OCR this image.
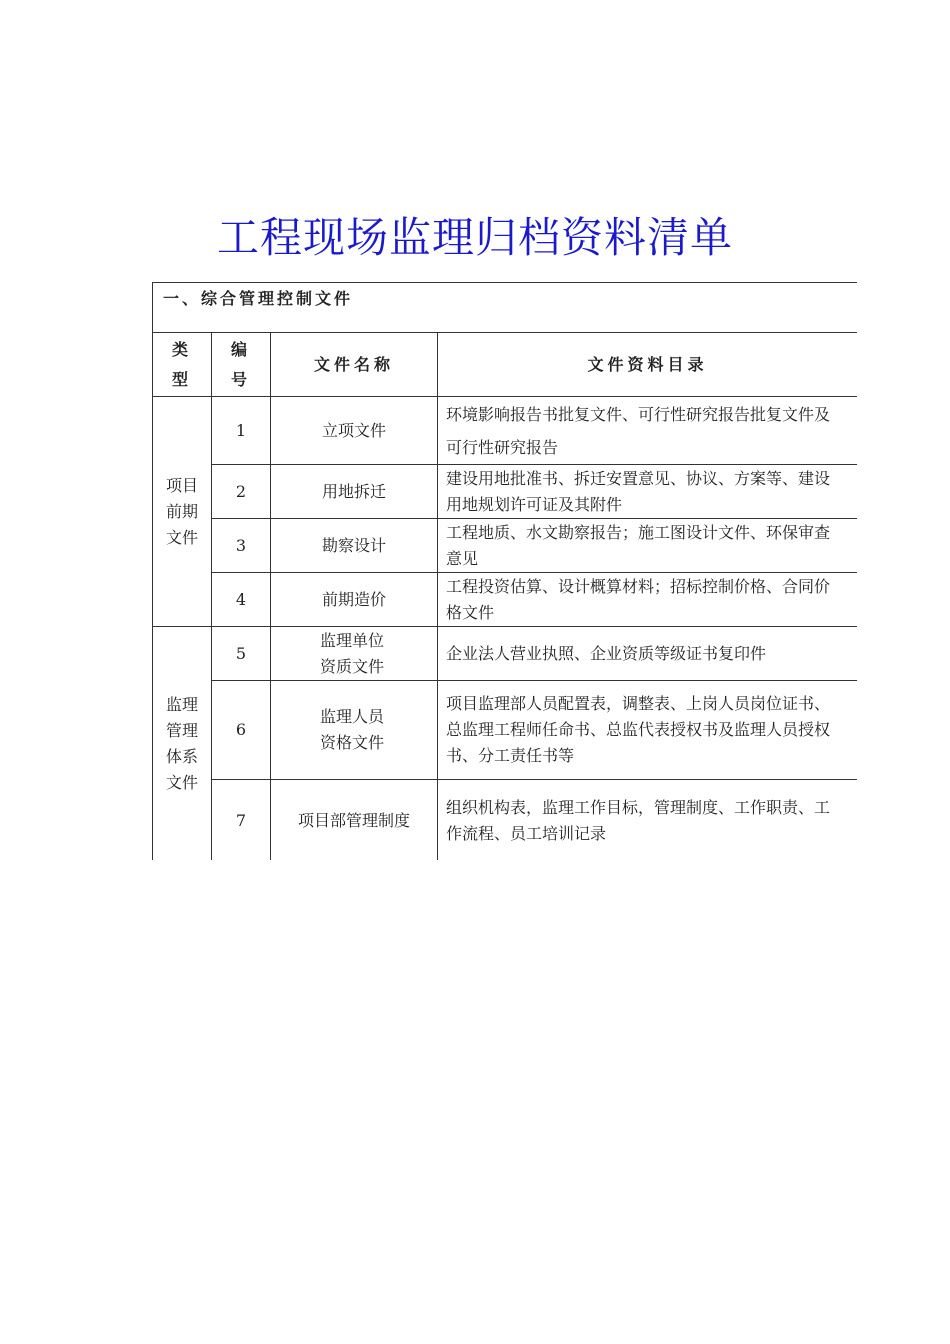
工程现场监理归档资料清单
一、综合管理控制文件			
类型	编号	文件名称	文件资料目录
项目前期文件	1	立项文件	环境影响报告书批复文件、可行性研究报告批复文件及可行性研究报告
	2	用地拆迁	建设用地批准书、拆迁安置意见、协议、方案等、建设用地规划许可证及其附件
	3	勘察设计	工程地质、水文勘察报告；施工图设计文件、环保审查意见
	4	前期造价	工程投资估算、设计概算材料；招标控制价格、合同价格文件
监理管理体系文件	5	监理单位资质文件	企业法人营业执照、企业资质等级证书复印件
	6	监理人员资格文件	项目监理部人员配置表，调整表、上岗人员岗位证书、总监理工程师任命书、总监代表授权书及监理人员授权书、分工责任书等
	7	项目部管理制度	组织机构表，监理工作目标，管理制度、工作职责、工作流程、员工培训记录
